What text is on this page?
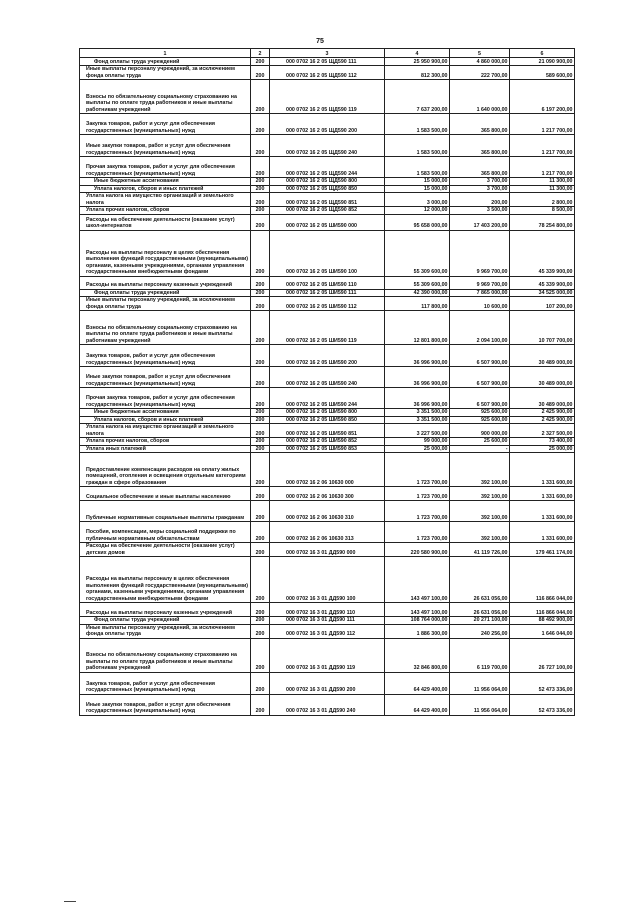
75
1	2	3	4	5	6
Фонд оплаты труда учреждений	200	000 0702 16 2 05 ЩД590 111	25 950 900,00	4 860 000,00	21 090 900,00
Иные выплаты персоналу учреждений, за исключением фонда оплаты труда	200	000 0702 16 2 05 ЩД590 112	812 300,00	222 700,00	589 600,00
Взносы по обязательному социальному страхованию на выплаты по оплате труда работников и иные выплаты работникам учреждений	200	000 0702 16 2 05 ЩД590 119	7 637 200,00	1 640 000,00	6 197 200,00
Закупка товаров, работ и услуг для обеспечения государственных (муниципальных) нужд	200	000 0702 16 2 05 ЩД590 200	1 583 500,00	365 800,00	1 217 700,00
Иные закупки товаров, работ и услуг для обеспечения государственных (муниципальных) нужд	200	000 0702 16 2 05 ЩД590 240	1 583 500,00	365 800,00	1 217 700,00
Прочая закупка товаров, работ и услуг для обеспечения государственных (муниципальных) нужд	200	000 0702 16 2 05 ЩД590 244	1 583 500,00	365 800,00	1 217 700,00
Иные бюджетные ассигнования	200	000 0702 16 2 05 ЩД590 800	15 000,00	3 700,00	11 300,00
Уплата налогов, сборов и иных платежей	200	000 0702 16 2 05 ЩД590 850	15 000,00	3 700,00	11 300,00
Уплата налога на имущество организаций и земельного налога	200	000 0702 16 2 05 ЩД590 851	3 000,00	200,00	2 800,00
Уплата прочих налогов, сборов	200	000 0702 16 2 05 ЩД590 852	12 000,00	3 500,00	8 500,00
Расходы на обеспечение деятельности (оказание услуг) школ-интернатов	200	000 0702 16 2 05 ШИ590 000	95 658 000,00	17 403 200,00	78 254 800,00
Расходы на выплаты персоналу в целях обеспечения выполнения функций государственными (муниципальными) органами, казенными учреждениями, органами управления государственными внебюджетными фондами	200	000 0702 16 2 05 ШИ590 100	55 309 600,00	9 969 700,00	45 339 900,00
Расходы на выплаты персоналу казенных учреждений	200	000 0702 16 2 05 ШИ590 110	55 309 600,00	9 969 700,00	45 339 900,00
Фонд оплаты труда учреждений	200	000 0702 16 2 05 ШИ590 111	42 390 000,00	7 865 000,00	34 525 000,00
Иные выплаты персоналу учреждений, за исключением фонда оплаты труда	200	000 0702 16 2 05 ШИ590 112	117 800,00	10 600,00	107 200,00
Взносы по обязательному социальному страхованию на выплаты по оплате труда работников и иные выплаты работникам учреждений	200	000 0702 16 2 05 ШИ590 119	12 801 800,00	2 094 100,00	10 707 700,00
Закупка товаров, работ и услуг для обеспечения государственных (муниципальных) нужд	200	000 0702 16 2 05 ШИ590 200	36 996 900,00	6 507 900,00	30 489 000,00
Иные закупки товаров, работ и услуг для обеспечения государственных (муниципальных) нужд	200	000 0702 16 2 05 ШИ590 240	36 996 900,00	6 507 900,00	30 489 000,00
Прочая закупка товаров, работ и услуг для обеспечения государственных (муниципальных) нужд	200	000 0702 16 2 05 ШИ590 244	36 996 900,00	6 507 900,00	30 489 000,00
Иные бюджетные ассигнования	200	000 0702 16 2 05 ШИ590 800	3 351 500,00	925 600,00	2 425 900,00
Уплата налогов, сборов и иных платежей	200	000 0702 16 2 05 ШИ590 850	3 351 500,00	925 600,00	2 425 900,00
Уплата налога на имущество организаций и земельного налога	200	000 0702 16 2 05 ШИ590 851	3 227 500,00	900 000,00	2 327 500,00
Уплата прочих налогов, сборов	200	000 0702 16 2 05 ШИ590 852	99 000,00	25 600,00	73 400,00
Уплата иных платежей	200	000 0702 16 2 05 ШИ590 853	25 000,00	-	25 000,00
Предоставление компенсации расходов на оплату жилых помещений, отопления и освещения отдельным категориям граждан в сфере образования	200	000 0702 16 2 06 10630 000	1 723 700,00	392 100,00	1 331 600,00
Социальное обеспечение и иные выплаты населению	200	000 0702 16 2 06 10630 300	1 723 700,00	392 100,00	1 331 600,00
Публичные нормативные социальные выплаты гражданам	200	000 0702 16 2 06 10630 310	1 723 700,00	392 100,00	1 331 600,00
Пособия, компенсации, меры социальной поддержки по публичным нормативным обязательствам	200	000 0702 16 2 06 10630 313	1 723 700,00	392 100,00	1 331 600,00
Расходы на обеспечение деятельности (оказание услуг) детских домов	200	000 0702 16 3 01 ДД590 000	220 580 900,00	41 119 726,00	179 461 174,00
Расходы на выплаты персоналу в целях обеспечения выполнения функций государственными (муниципальными) органами, казенными учреждениями, органами управления государственными внебюджетными фондами	200	000 0702 16 3 01 ДД590 100	143 497 100,00	26 631 056,00	116 866 044,00
Расходы на выплаты персоналу казенных учреждений	200	000 0702 16 3 01 ДД590 110	143 497 100,00	26 631 056,00	116 866 044,00
Фонд оплаты труда учреждений	200	000 0702 16 3 01 ДД590 111	108 764 000,00	20 271 100,00	88 492 900,00
Иные выплаты персоналу учреждений, за исключением фонда оплаты труда	200	000 0702 16 3 01 ДД590 112	1 886 300,00	240 256,00	1 646 044,00
Взносы по обязательному социальному страхованию на выплаты по оплате труда работников и иные выплаты работникам учреждений	200	000 0702 16 3 01 ДД590 119	32 846 800,00	6 119 700,00	26 727 100,00
Закупка товаров, работ и услуг для обеспечения государственных (муниципальных) нужд	200	000 0702 16 3 01 ДД590 200	64 429 400,00	11 956 064,00	52 473 336,00
Иные закупки товаров, работ и услуг для обеспечения государственных (муниципальных) нужд	200	000 0702 16 3 01 ДД590 240	64 429 400,00	11 956 064,00	52 473 336,00
